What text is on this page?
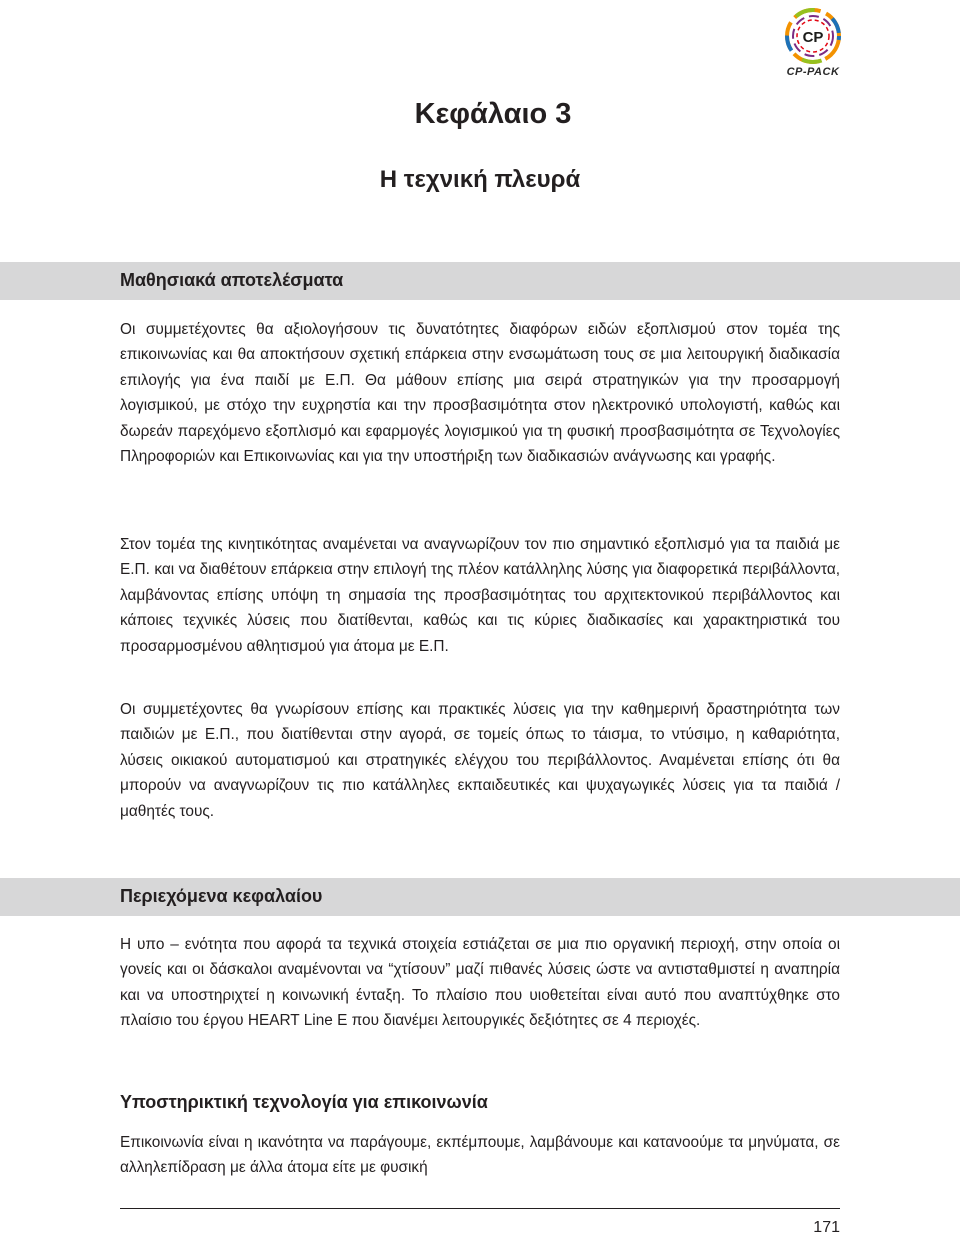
CP
CP-PACK
Κεφάλαιο 3
Η τεχνική πλευρά
Μαθησιακά αποτελέσματα
Οι συμμετέχοντες θα αξιολογήσουν τις δυνατότητες διαφόρων ειδών εξοπλισμού στον τομέα της επικοινωνίας και θα αποκτήσουν σχετική επάρκεια στην ενσωμάτωση τους σε μια λειτουργική διαδικασία επιλογής για ένα παιδί με Ε.Π. Θα μάθουν επίσης μια σειρά στρατηγικών για την προσαρμογή λογισμικού, με στόχο την ευχρηστία και την προσβασιμότητα στον ηλεκτρονικό υπολογιστή, καθώς και δωρεάν παρεχόμενο εξοπλισμό και εφαρμογές λογισμικού για τη φυσική προσβασιμότητα σε Τεχνολογίες Πληροφοριών και Επικοινωνίας και για την υποστήριξη των διαδικασιών ανάγνωσης και γραφής.
Στον τομέα της κινητικότητας αναμένεται να αναγνωρίζουν τον πιο σημαντικό εξοπλισμό για τα παιδιά με Ε.Π. και να διαθέτουν επάρκεια στην επιλογή της πλέον κατάλληλης λύσης για διαφορετικά περιβάλλοντα, λαμβάνοντας επίσης υπόψη τη σημασία της προσβασιμότητας του αρχιτεκτονικού περιβάλλοντος και κάποιες τεχνικές λύσεις που διατίθενται, καθώς και τις κύριες διαδικασίες και χαρακτηριστικά του προσαρμοσμένου αθλητισμού για άτομα με Ε.Π.
Οι συμμετέχοντες θα γνωρίσουν επίσης και πρακτικές λύσεις για την καθημερινή δραστηριότητα των παιδιών με Ε.Π., που διατίθενται στην αγορά, σε τομείς όπως το τάισμα, το ντύσιμο, η καθαριότητα, λύσεις οικιακού αυτοματισμού και στρατηγικές ελέγχου του περιβάλλοντος. Αναμένεται επίσης ότι θα μπορούν να αναγνωρίζουν τις πιο κατάλληλες εκπαιδευτικές και ψυχαγωγικές λύσεις για τα παιδιά / μαθητές τους.
Περιεχόμενα κεφαλαίου
Η υπο – ενότητα που αφορά τα τεχνικά στοιχεία εστιάζεται σε μια πιο οργανική περιοχή, στην οποία οι γονείς και οι δάσκαλοι αναμένονται να “χτίσουν” μαζί πιθανές λύσεις ώστε να αντισταθμιστεί η αναπηρία και να υποστηριχτεί η κοινωνική ένταξη. Το πλαίσιο που υιοθετείται είναι αυτό που αναπτύχθηκε στο πλαίσιο του έργου HEART Line E που διανέμει λειτουργικές δεξιότητες σε 4 περιοχές.
Υποστηρικτική τεχνολογία για επικοινωνία
Επικοινωνία είναι η ικανότητα να παράγουμε, εκπέμπουμε, λαμβάνουμε και κατανοούμε τα μηνύματα, σε αλληλεπίδραση με άλλα άτομα είτε με φυσική
171
